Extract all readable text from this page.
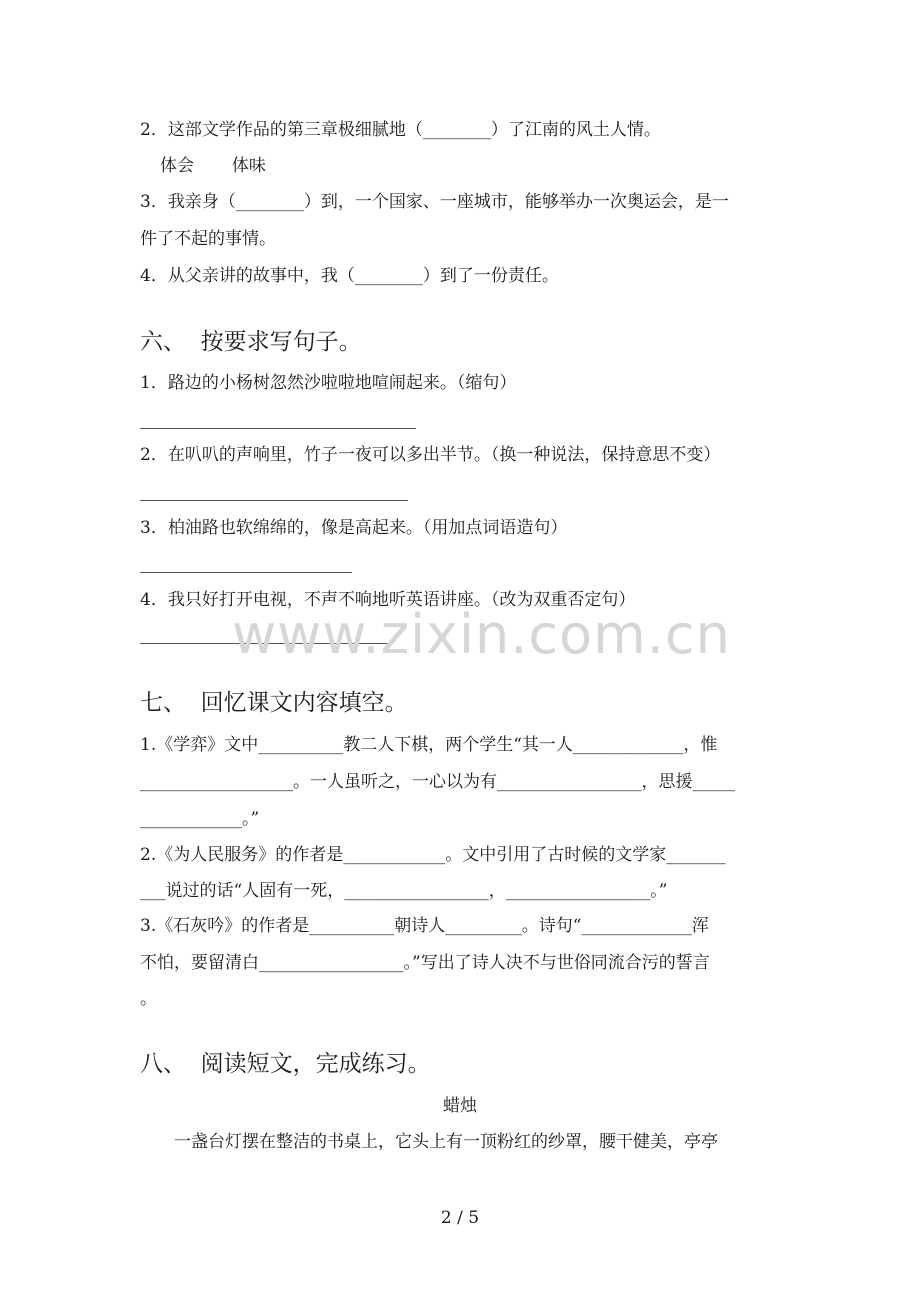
2．这部文学作品的第三章极细腻地（________）了江南的风土人情。
体会       体味
3．我亲身（________）到，一个国家、一座城市，能够举办一次奥运会，是一
件了不起的事情。
4．从父亲讲的故事中，我（________）到了一份责任。
六、  按要求写句子。
1．路边的小杨树忽然沙啦啦地喧闹起来。（缩句）
2．在叭叭的声响里，竹子一夜可以多出半节。（换一种说法，保持意思不变）
3．柏油路也软绵绵的，像是高起来。（用加点词语造句）
4．我只好打开电视，不声不响地听英语讲座。（改为双重否定句）
www.zixin.com.cn
七、  回忆课文内容填空。
1.《学弈》文中__________教二人下棋，两个学生“其一人_____________，惟
__________________。一人虽听之，一心以为有_________________，思援_____
____________。”
2.《为人民服务》的作者是____________。文中引用了古时候的文学家_______
___说过的话“人固有一死，_________________，_________________。”
3.《石灰吟》的作者是__________朝诗人_________。诗句“_____________浑
不怕，要留清白_________________。”写出了诗人决不与世俗同流合污的誓言
。
八、  阅读短文，完成练习。
蜡烛
一盏台灯摆在整洁的书桌上，它头上有一顶粉红的纱罩，腰干健美，亭亭
2 / 5
